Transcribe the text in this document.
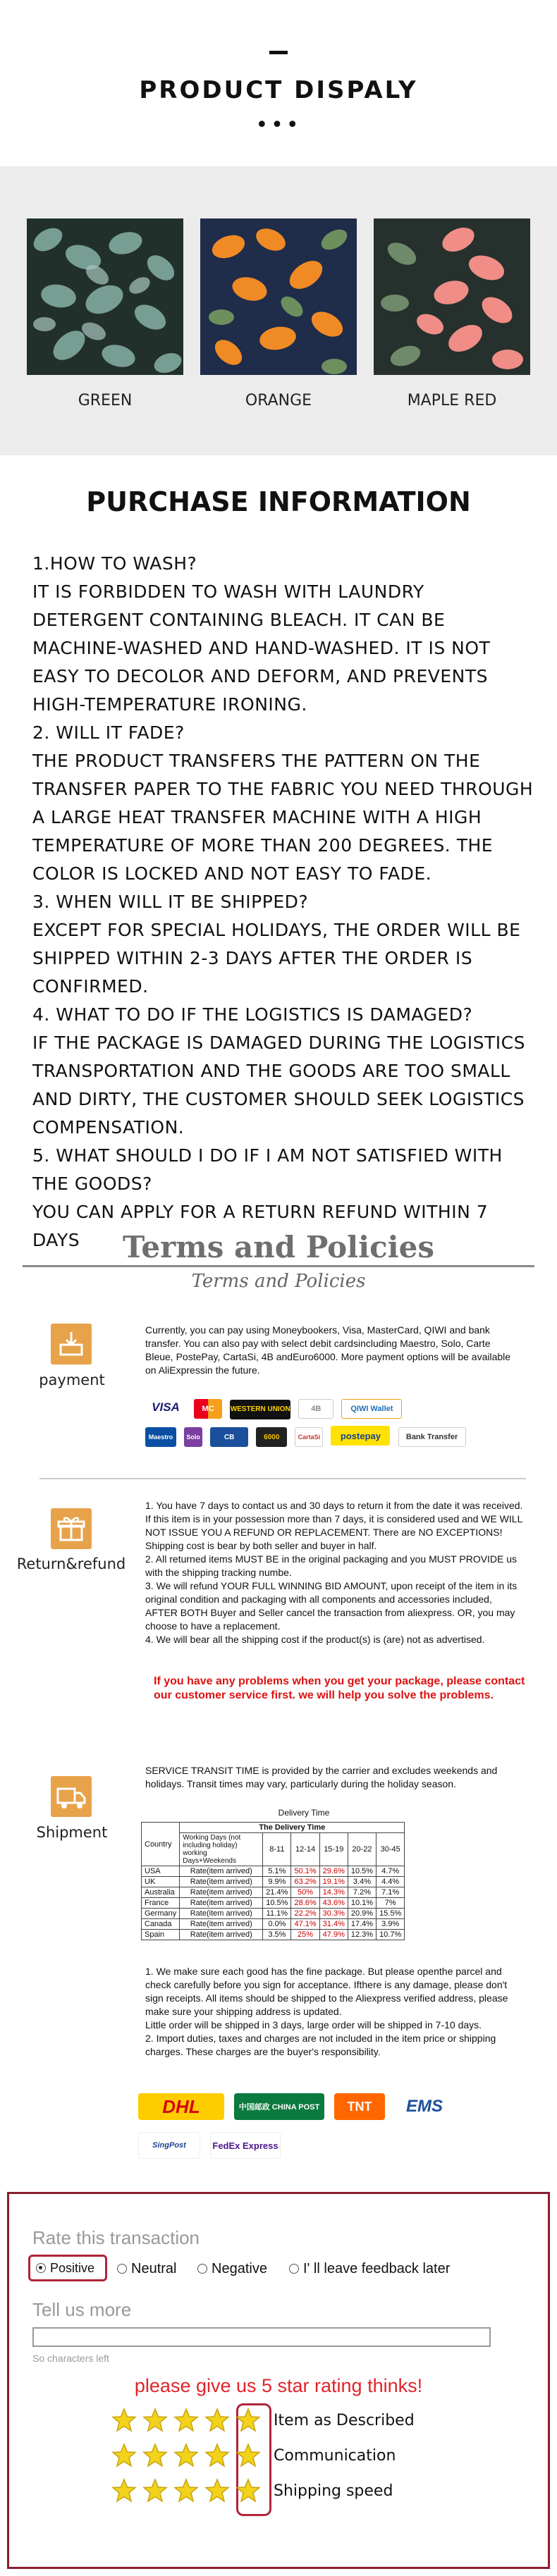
PRODUCT DISPALY
•••
GREEN	ORANGE	MAPLE RED
PURCHASE INFORMATION

1.HOW TO WASH?

IT IS FORBIDDEN TO WASH WITH LAUNDRY DETERGENT CONTAINING BLEACH. IT CAN BE MACHINE-WASHED AND HAND-WASHED. IT IS NOT EASY TO DECOLOR AND DEFORM, AND PREVENTS HIGH-TEMPERATURE IRONING.

2. WILL IT FADE?

THE PRODUCT TRANSFERS THE PATTERN ON THE TRANSFER PAPER TO THE FABRIC YOU NEED THROUGH A LARGE HEAT TRANSFER MACHINE WITH A HIGH TEMPERATURE OF MORE THAN 200 DEGREES. THE COLOR IS LOCKED AND NOT EASY TO FADE.

3. WHEN WILL IT BE SHIPPED?

EXCEPT FOR SPECIAL HOLIDAYS, THE ORDER WILL BE SHIPPED WITHIN 2-3 DAYS AFTER THE ORDER IS CONFIRMED.

4. WHAT TO DO IF THE LOGISTICS IS DAMAGED?

IF THE PACKAGE IS DAMAGED DURING THE LOGISTICS TRANSPORTATION AND THE GOODS ARE TOO SMALL AND DIRTY, THE CUSTOMER SHOULD SEEK LOGISTICS COMPENSATION.

5. WHAT SHOULD I DO IF I AM NOT SATISFIED WITH THE GOODS?

YOU CAN APPLY FOR A RETURN REFUND WITHIN 7 DAYS	Terms and Policies
Terms and Policies
payment
Currently, you can pay using Moneybookers, Visa, MasterCard, QIWI and bank transfer. You can also pay with select debit cardsincluding Maestro, Solo, Carte Bleue, PostePay, CartaSi, 4B andEuro6000. More payment options will be available on AliExpressin the future.
VISA	MC WESTERN UNION	4B	QIWI Wallet
Maestro Solo	CB	6000	CartaSi postepay	Bank Transfer
Return&refund
1. You have 7 days to contact us and 30 days to return it from the date it was received. If this item is in your possession more than 7 days, it is considered used and WE WILL NOT ISSUE YOU A REFUND OR REPLACEMENT. There are NO EXCEPTIONS! Shipping cost is bear by both seller and buyer in half.
2. All returned items MUST BE in the original packaging and you MUST PROVIDE us with the shipping tracking numbe.
3. We will refund YOUR FULL WINNING BID AMOUNT, upon receipt of the item in its original condition and packaging with all components and accessories included, AFTER BOTH Buyer and Seller cancel the transaction from aliexpress. OR, you may choose to have a replacement.
4. We will bear all the shipping cost if the product(s) is (are) not as advertised.
If you have any problems when you get your package, please contact our customer service first. we will help you solve the problems.
Shipment
SERVICE TRANSIT TIME is provided by the carrier and excludes weekends and holidays. Transit times may vary, particularly during the holiday season.
Delivery Time
Country	The Delivery Time					
	Working Days (not including holiday) working Days+Weekends	8-11	12-14	15-19	20-22	30-45
USA	Rate(item arrived)	5.1%	50.1%	29.6%	10.5%	4.7%
UK	Rate(item arrived)	9.9%	63.2%	19.1%	3.4%	4.4%
Australia	Rate(item arrived)	21.4%	50%	14.3%	7.2%	7.1%
France	Rate(item arrived)	10.5%	28.6%	43.6%	10.1%	7%
Germany	Rate(item arrived)	11.1%	22.2%	30.3%	20.9%	15.5%
Canada	Rate(item arrived)	0.0%	47.1%	31.4%	17.4%	3.9%
Spain	Rate(item arrived)	3.5%	25%	47.9%	12.3%	10.7%
1. We make sure each good has the fine package. But please openthe parcel and check carefully before you sign for acceptance. Ifthere is any damage, please don't sign receipts. All items should be shipped to the Aliexpress verified address, please make sure your shipping address is updated.
Little order will be shipped in 3 days, large order will be shipped in 7-10 days.
2. Import duties, taxes and charges are not included in the item price or shipping charges. These charges are the buyer's responsibility.
DHL	中国邮政 CHINA POST	TNT	EMS
SingPost	FedEx Express
Rate this transaction
Positive	Neutral	Negative	I' ll leave feedback later
Tell us more
So characters left
please give us 5 star rating thinks!
Item as Described
Communication
Shipping speed
